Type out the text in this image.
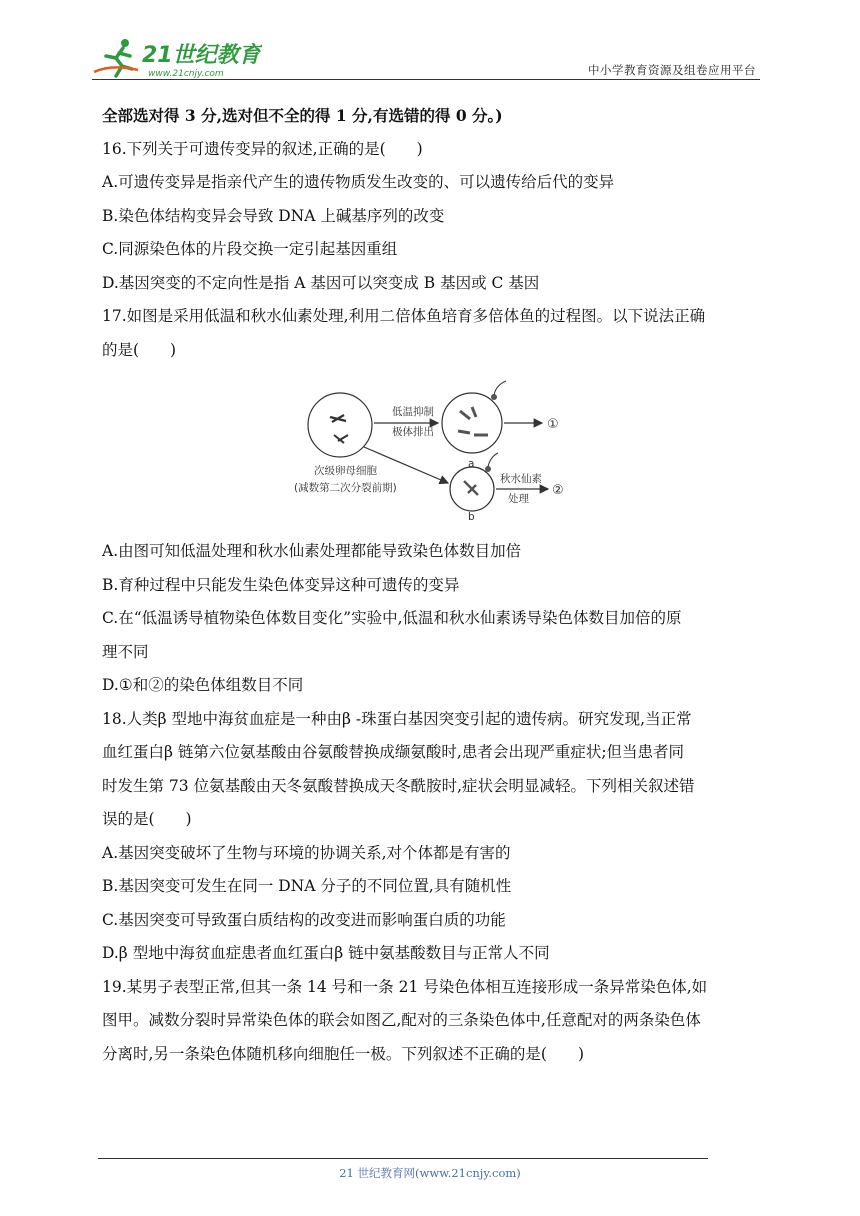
21世纪教育
www.21cnjy.com	中小学教育资源及组卷应用平台

全部选对得 3 分,选对但不全的得 1 分,有选错的得 0 分。)

16.下列关于可遗传变异的叙述,正确的是(　　)

A.可遗传变异是指亲代产生的遗传物质发生改变的、可以遗传给后代的变异

B.染色体结构变异会导致 DNA 上碱基序列的改变

C.同源染色体的片段交换一定引起基因重组

D.基因突变的不定向性是指 A 基因可以突变成 B 基因或 C 基因

17.如图是采用低温和秋水仙素处理,利用二倍体鱼培育多倍体鱼的过程图。以下说法正确

的是(　　)

低温抑制
极体排出
a
b
次级卵母细胞
(减数第二次分裂前期)
秋水仙素
处理
①
②

A.由图可知低温处理和秋水仙素处理都能导致染色体数目加倍

B.育种过程中只能发生染色体变异这种可遗传的变异

C.在“低温诱导植物染色体数目变化”实验中,低温和秋水仙素诱导染色体数目加倍的原

理不同

D.①和②的染色体组数目不同

18.人类β 型地中海贫血症是一种由β -珠蛋白基因突变引起的遗传病。研究发现,当正常

血红蛋白β 链第六位氨基酸由谷氨酸替换成缬氨酸时,患者会出现严重症状;但当患者同

时发生第 73 位氨基酸由天冬氨酸替换成天冬酰胺时,症状会明显减轻。下列相关叙述错

误的是(　　)

A.基因突变破坏了生物与环境的协调关系,对个体都是有害的

B.基因突变可发生在同一 DNA 分子的不同位置,具有随机性

C.基因突变可导致蛋白质结构的改变进而影响蛋白质的功能

D.β 型地中海贫血症患者血红蛋白β 链中氨基酸数目与正常人不同

19.某男子表型正常,但其一条 14 号和一条 21 号染色体相互连接形成一条异常染色体,如

图甲。减数分裂时异常染色体的联会如图乙,配对的三条染色体中,任意配对的两条染色体

分离时,另一条染色体随机移向细胞任一极。下列叙述不正确的是(　　)

21 世纪教育网(www.21cnjy.com)
